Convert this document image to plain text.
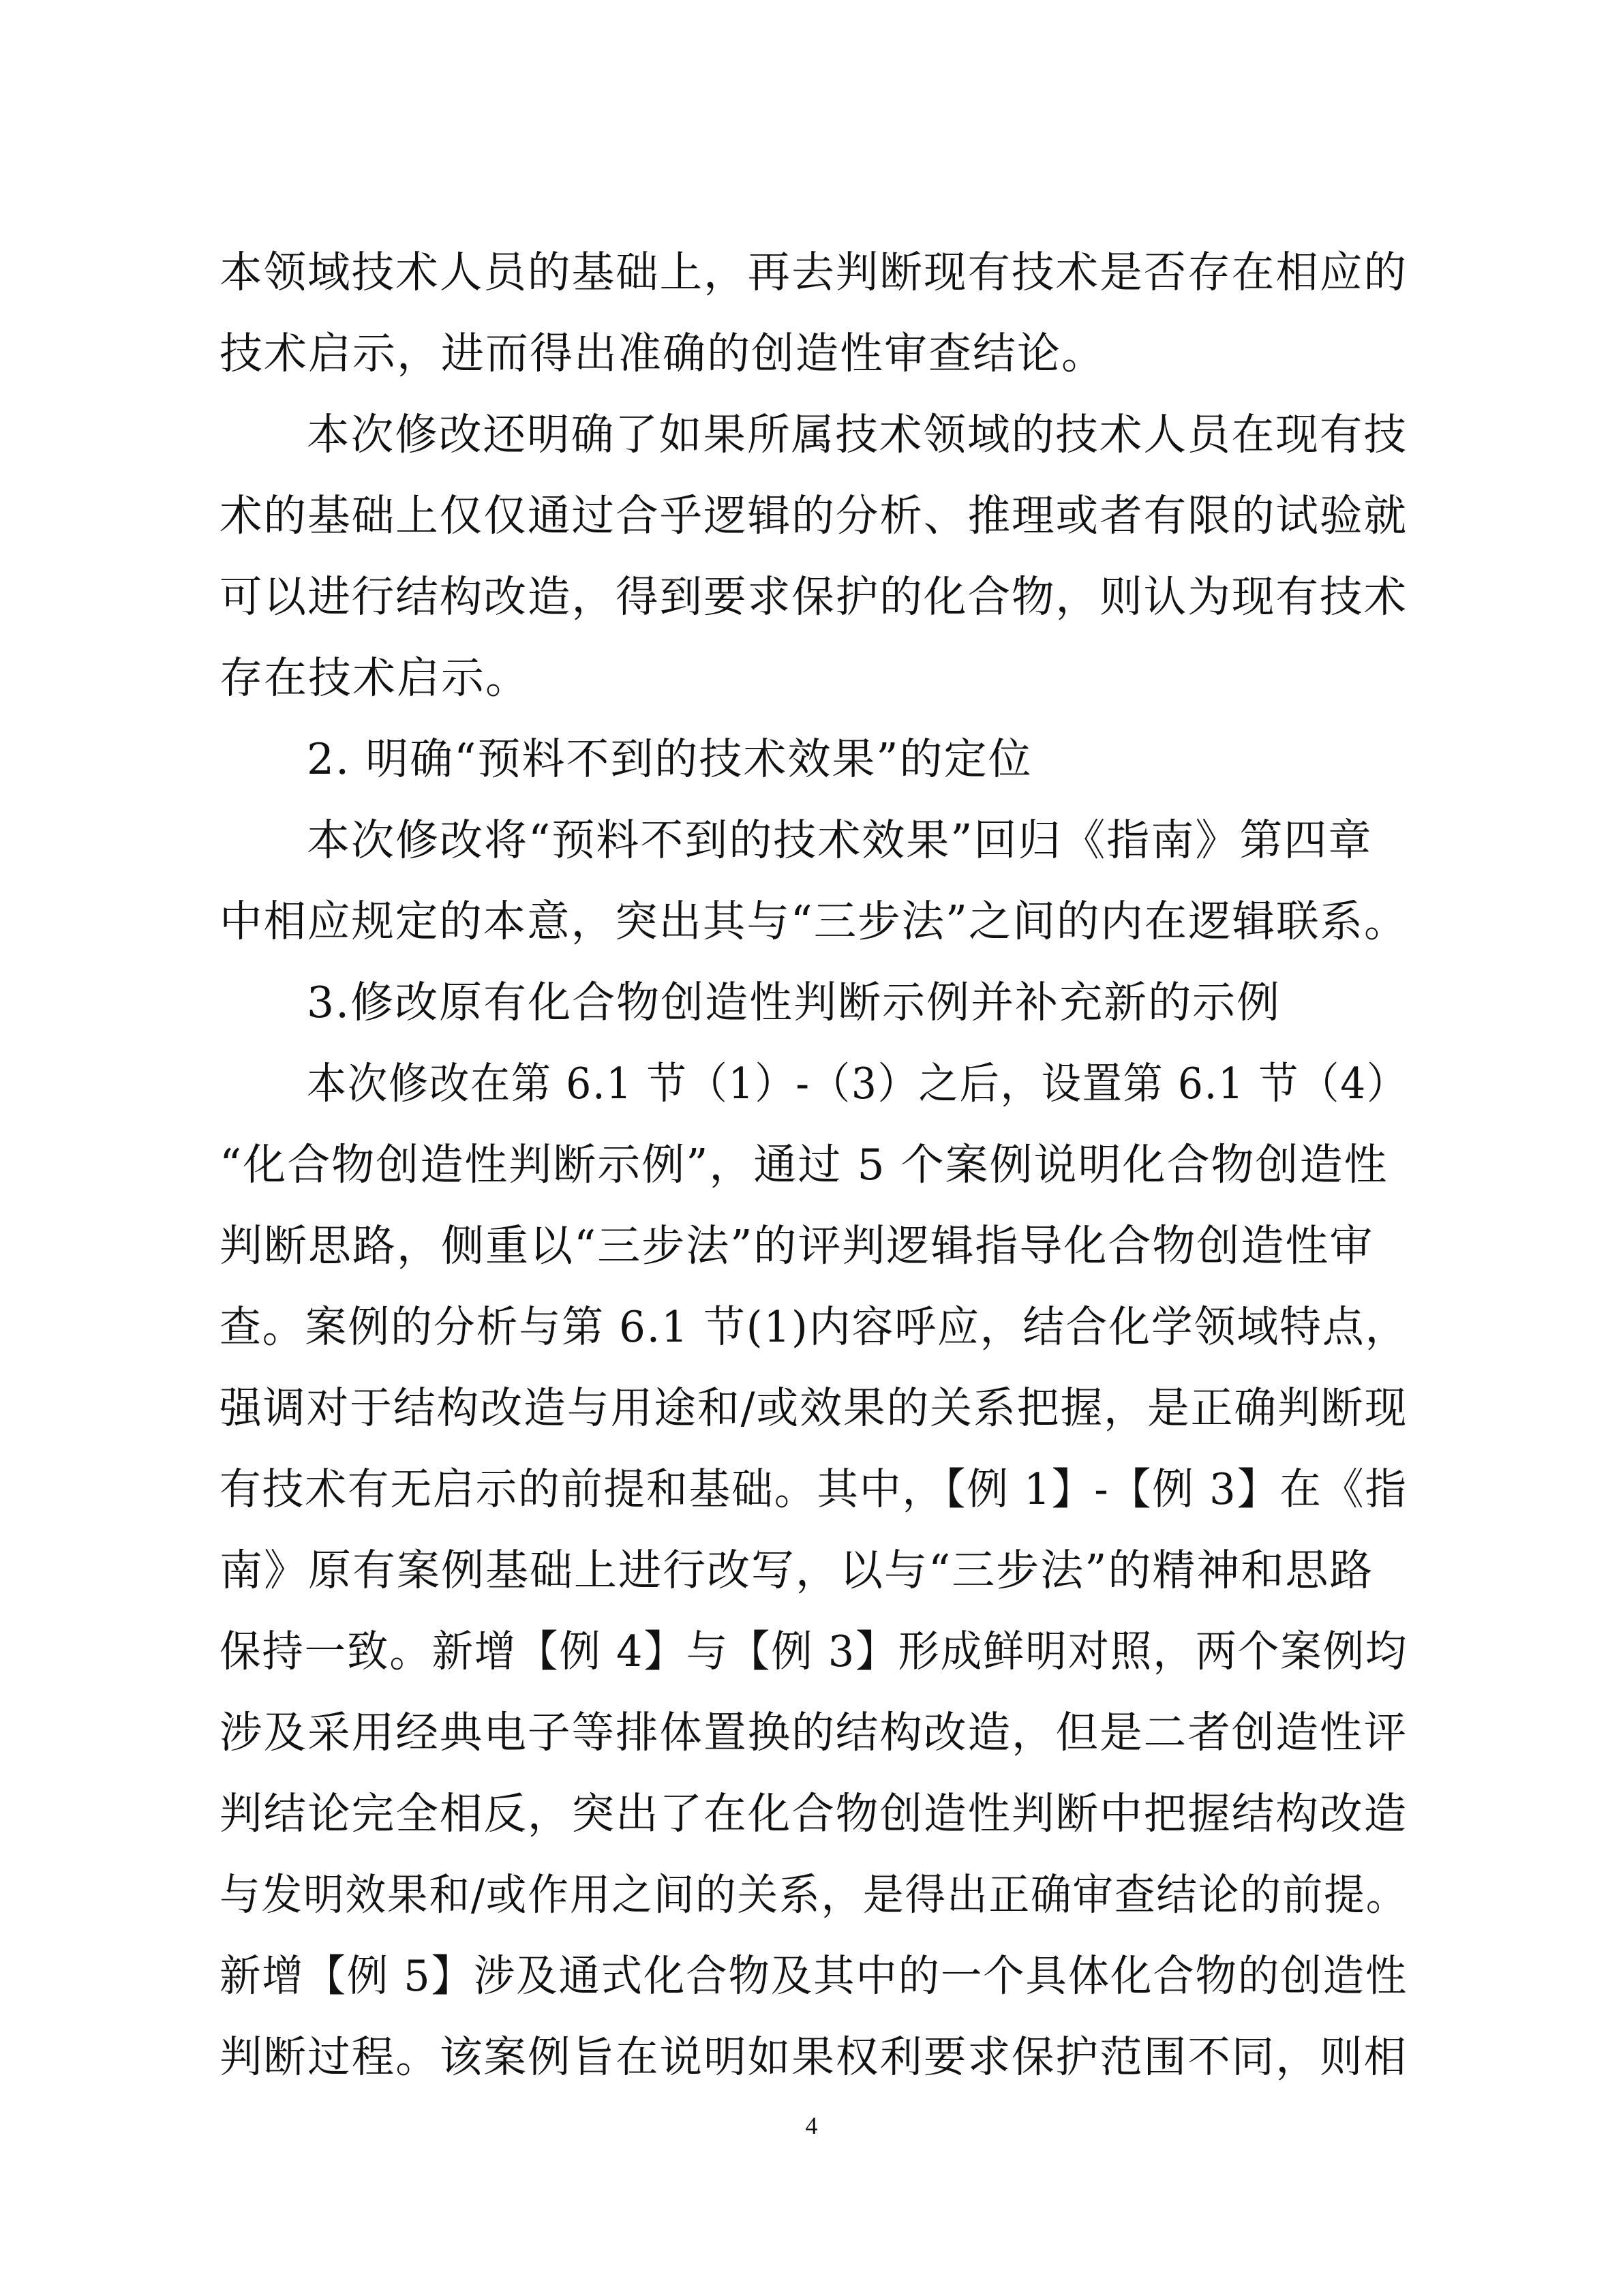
本领域技术人员的基础上，再去判断现有技术是否存在相应的
技术启示，进而得出准确的创造性审查结论。
本次修改还明确了如果所属技术领域的技术人员在现有技
术的基础上仅仅通过合乎逻辑的分析、推理或者有限的试验就
可以进行结构改造，得到要求保护的化合物，则认为现有技术
存在技术启示。
2. 明确“预料不到的技术效果”的定位
本次修改将“预料不到的技术效果”回归《指南》第四章
中相应规定的本意，突出其与“三步法”之间的内在逻辑联系。
3.修改原有化合物创造性判断示例并补充新的示例
本次修改在第 6.1 节（1）-（3）之后，设置第 6.1 节（4）
“化合物创造性判断示例”，通过 5 个案例说明化合物创造性
判断思路，侧重以“三步法”的评判逻辑指导化合物创造性审
查。案例的分析与第 6.1 节(1)内容呼应，结合化学领域特点，
强调对于结构改造与用途和/或效果的关系把握，是正确判断现
有技术有无启示的前提和基础。其中，【例 1】-【例 3】在《指
南》原有案例基础上进行改写，以与“三步法”的精神和思路
保持一致。新增【例 4】与【例 3】形成鲜明对照，两个案例均
涉及采用经典电子等排体置换的结构改造，但是二者创造性评
判结论完全相反，突出了在化合物创造性判断中把握结构改造
与发明效果和/或作用之间的关系，是得出正确审查结论的前提。
新增【例 5】涉及通式化合物及其中的一个具体化合物的创造性
判断过程。该案例旨在说明如果权利要求保护范围不同，则相
4
